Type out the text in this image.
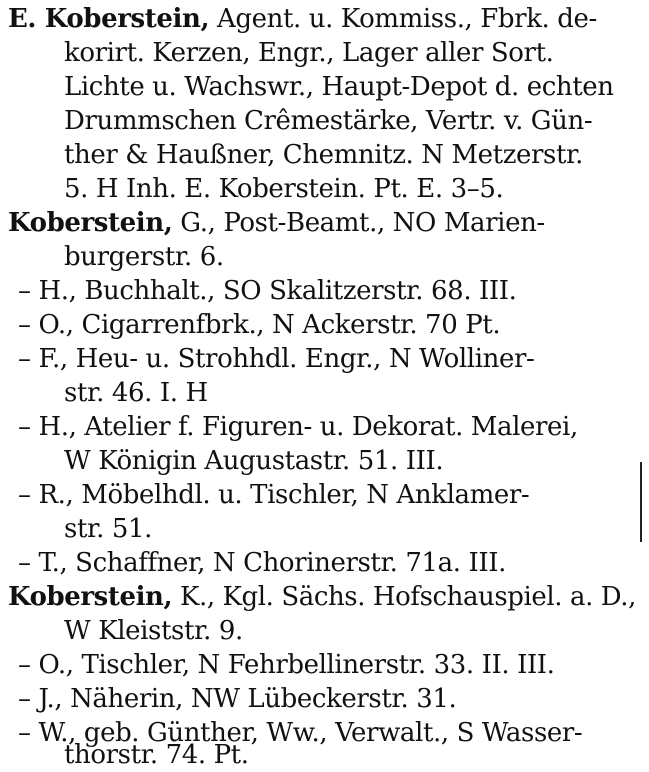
E. Koberstein, Agent. u. Kommiss., Fbrk. de-
korirt. Kerzen, Engr., Lager aller Sort.
Lichte u. Wachswr., Haupt-Depot d. echten
Drummschen Crêmestärke, Vertr. v. Gün-
ther & Haußner, Chemnitz. N Metzerstr.
5. H Inh. E. Koberstein. Pt. E. 3–5.
Koberstein, G., Post-Beamt., NO Marien-
burgerstr. 6.
– H., Buchhalt., SO Skalitzerstr. 68. III.
– O., Cigarrenfbrk., N Ackerstr. 70 Pt.
– F., Heu- u. Strohhdl. Engr., N Wolliner-
str. 46. I. H
– H., Atelier f. Figuren- u. Dekorat. Malerei,
W Königin Augustastr. 51. III.
– R., Möbelhdl. u. Tischler, N Anklamer-
str. 51.
– T., Schaffner, N Chorinerstr. 71a. III.
Koberstein, K., Kgl. Sächs. Hofschauspiel. a. D.,
W Kleiststr. 9.
– O., Tischler, N Fehrbellinerstr. 33. II. III.
– J., Näherin, NW Lübeckerstr. 31.
– W., geb. Günther, Ww., Verwalt., S Wasser-
thorstr. 74. Pt.
